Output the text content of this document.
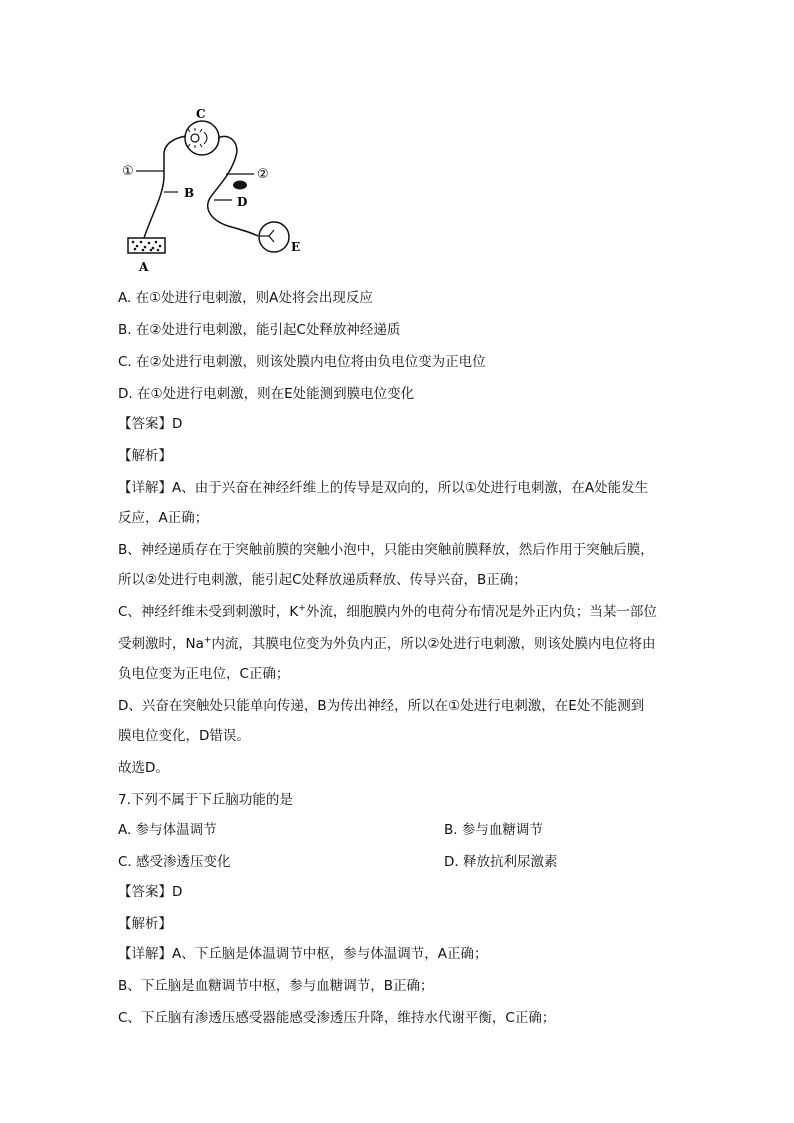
C
①
B
②
D
E
A
A. 在①处进行电刺激，则A处将会出现反应
B. 在②处进行电刺激，能引起C处释放神经递质
C. 在②处进行电刺激，则该处膜内电位将由负电位变为正电位
D. 在①处进行电刺激，则在E处能测到膜电位变化
【答案】D
【解析】
【详解】A、由于兴奋在神经纤维上的传导是双向的，所以①处进行电刺激，在A处能发生
反应，A正确；
B、神经递质存在于突触前膜的突触小泡中，只能由突触前膜释放，然后作用于突触后膜，
所以②处进行电刺激，能引起C处释放递质释放、传导兴奋，B正确；
C、神经纤维未受到刺激时，K+外流，细胞膜内外的电荷分布情况是外正内负；当某一部位
受刺激时，Na+内流，其膜电位变为外负内正，所以②处进行电刺激，则该处膜内电位将由
负电位变为正电位，C正确；
D、兴奋在突触处只能单向传递，B为传出神经，所以在①处进行电刺激，在E处不能测到
膜电位变化，D错误。
故选D。
7.下列不属于下丘脑功能的是
A. 参与体温调节	B. 参与血糖调节
C. 感受渗透压变化	D. 释放抗利尿激素
【答案】D
【解析】
【详解】A、下丘脑是体温调节中枢，参与体温调节，A正确；
B、下丘脑是血糖调节中枢，参与血糖调节，B正确；
C、下丘脑有渗透压感受器能感受渗透压升降，维持水代谢平衡，C正确；
